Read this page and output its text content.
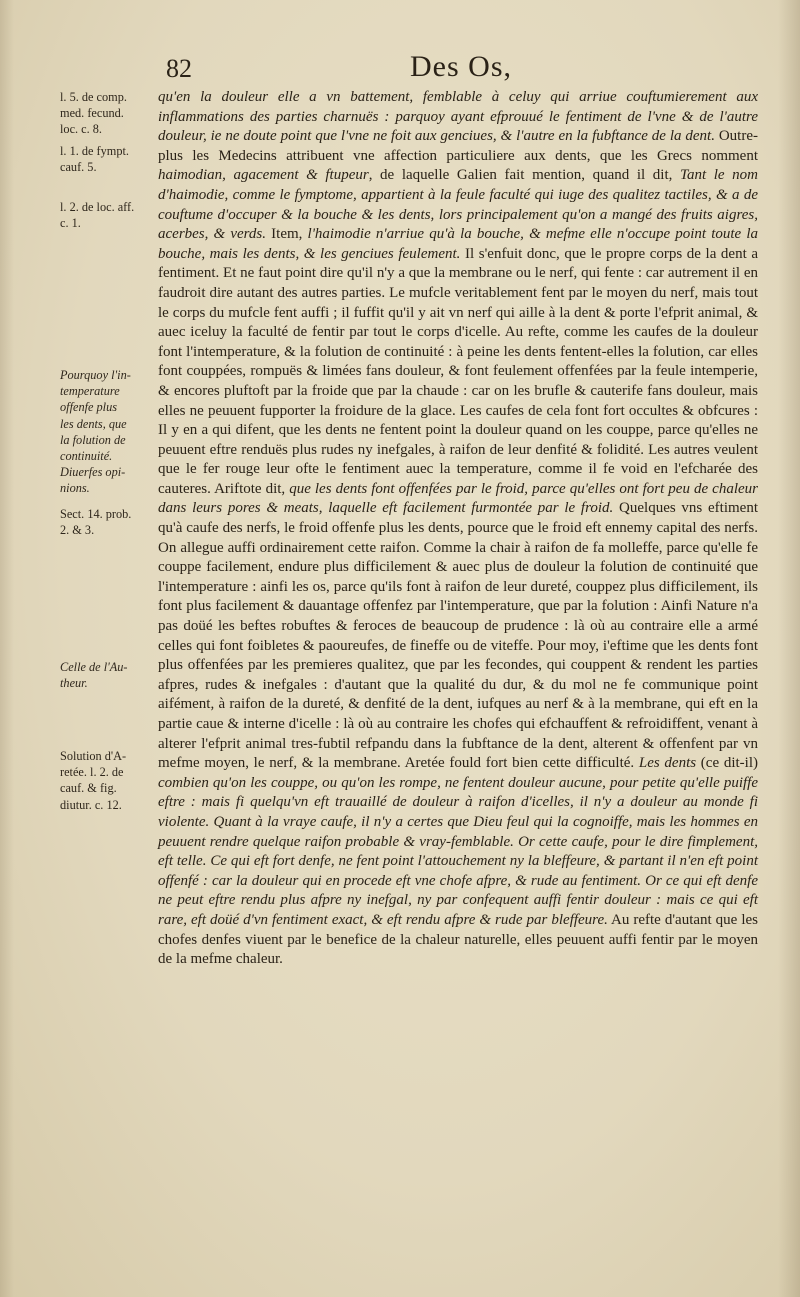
82	Des Os,
l. 5. de comp.
med. fecund.
loc. c. 8.
l. 1. de fympt.
cauf. 5.
l. 2. de loc. aff.
c. 1.
Pourquoy l'in-
temperature
offenfe plus
les dents, que
la folution de
continuité.
Diuerfes opi-
nions.
Sect. 14. prob.
2. & 3.
Celle de l'Au-
theur.
Solution d'A-
retée. l. 2. de
cauf. & fig.
diutur. c. 12.

qu'en la douleur elle a vn battement, femblable à celuy qui arriue couftumierement aux inflammations des parties charnuës : parquoy ayant efprouué le fentiment de l'vne & de l'autre douleur, ie ne doute point que l'vne ne foit aux genciues, & l'autre en la fubftance de la dent. Outre-plus les Medecins attribuent vne affection particuliere aux dents, que les Grecs nomment haimodian, agacement & ftupeur, de laquelle Galien fait mention, quand il dit, Tant le nom d'haimodie, comme le fymptome, appartient à la feule faculté qui iuge des qualitez tactiles, & a de couftume d'occuper & la bouche & les dents, lors principalement qu'on a mangé des fruits aigres, acerbes, & verds. Item, l'haimodie n'arriue qu'à la bouche, & mefme elle n'occupe point toute la bouche, mais les dents, & les genciues feulement. Il s'enfuit donc, que le propre corps de la dent a fentiment. Et ne faut point dire qu'il n'y a que la membrane ou le nerf, qui fente : car autrement il en faudroit dire autant des autres parties. Le mufcle veritablement fent par le moyen du nerf, mais tout le corps du mufcle fent auffi ; il fuffit qu'il y ait vn nerf qui aille à la dent & porte l'efprit animal, & auec iceluy la faculté de fentir par tout le corps d'icelle. Au refte, comme les caufes de la douleur font l'intemperature, & la folution de continuité : à peine les dents fentent-elles la folution, car elles font couppées, rompuës & limées fans douleur, & font feulement offenfées par la feule intemperie, & encores pluftoft par la froide que par la chaude : car on les brufle & cauterife fans douleur, mais elles ne peuuent fupporter la froidure de la glace. Les caufes de cela font fort occultes & obfcures : Il y en a qui difent, que les dents ne fentent point la douleur quand on les couppe, parce qu'elles ne peuuent eftre renduës plus rudes ny inefgales, à raifon de leur denfité & folidité. Les autres veulent que le fer rouge leur ofte le fentiment auec la temperature, comme il fe void en l'efcharée des cauteres. Ariftote dit, que les dents font offenfées par le froid, parce qu'elles ont fort peu de chaleur dans leurs pores & meats, laquelle eft facilement furmontée par le froid. Quelques vns eftiment qu'à caufe des nerfs, le froid offenfe plus les dents, pource que le froid eft ennemy capital des nerfs. On allegue auffi ordinairement cette raifon. Comme la chair à raifon de fa molleffe, parce qu'elle fe couppe facilement, endure plus difficilement & auec plus de douleur la folution de continuité que l'intemperature : ainfi les os, parce qu'ils font à raifon de leur dureté, couppez plus difficilement, ils font plus facilement & dauantage offenfez par l'intemperature, que par la folution : Ainfi Nature n'a pas doüé les beftes robuftes & feroces de beaucoup de prudence : là où au contraire elle a armé celles qui font foibletes & paoureufes, de fineffe ou de viteffe. Pour moy, i'eftime que les dents font plus offenfées par les premieres qualitez, que par les fecondes, qui couppent & rendent les parties afpres, rudes & inefgales : d'autant que la qualité du dur, & du mol ne fe communique point aifément, à raifon de la dureté, & denfité de la dent, iufques au nerf & à la membrane, qui eft en la partie caue & interne d'icelle : là où au contraire les chofes qui efchauffent & refroidiffent, venant à alterer l'efprit animal tres-fubtil refpandu dans la fubftance de la dent, alterent & offenfent par vn mefme moyen, le nerf, & la membrane. Aretée fould fort bien cette difficulté. Les dents (ce dit-il) combien qu'on les couppe, ou qu'on les rompe, ne fentent douleur aucune, pour petite qu'elle puiffe eftre : mais fi quelqu'vn eft trauaillé de douleur à raifon d'icelles, il n'y a douleur au monde fi violente. Quant à la vraye caufe, il n'y a certes que Dieu feul qui la cognoiffe, mais les hommes en peuuent rendre quelque raifon probable & vray-femblable. Or cette caufe, pour le dire fimplement, eft telle. Ce qui eft fort denfe, ne fent point l'attouchement ny la bleffeure, & partant il n'en eft point offenfé : car la douleur qui en procede eft vne chofe afpre, & rude au fentiment. Or ce qui eft denfe ne peut eftre rendu plus afpre ny inefgal, ny par confequent auffi fentir douleur : mais ce qui eft rare, eft doüé d'vn fentiment exact, & eft rendu afpre & rude par bleffeure. Au refte d'autant que les chofes denfes viuent par le benefice de la chaleur naturelle, elles peuuent auffi fentir par le moyen de la mefme chaleur.
